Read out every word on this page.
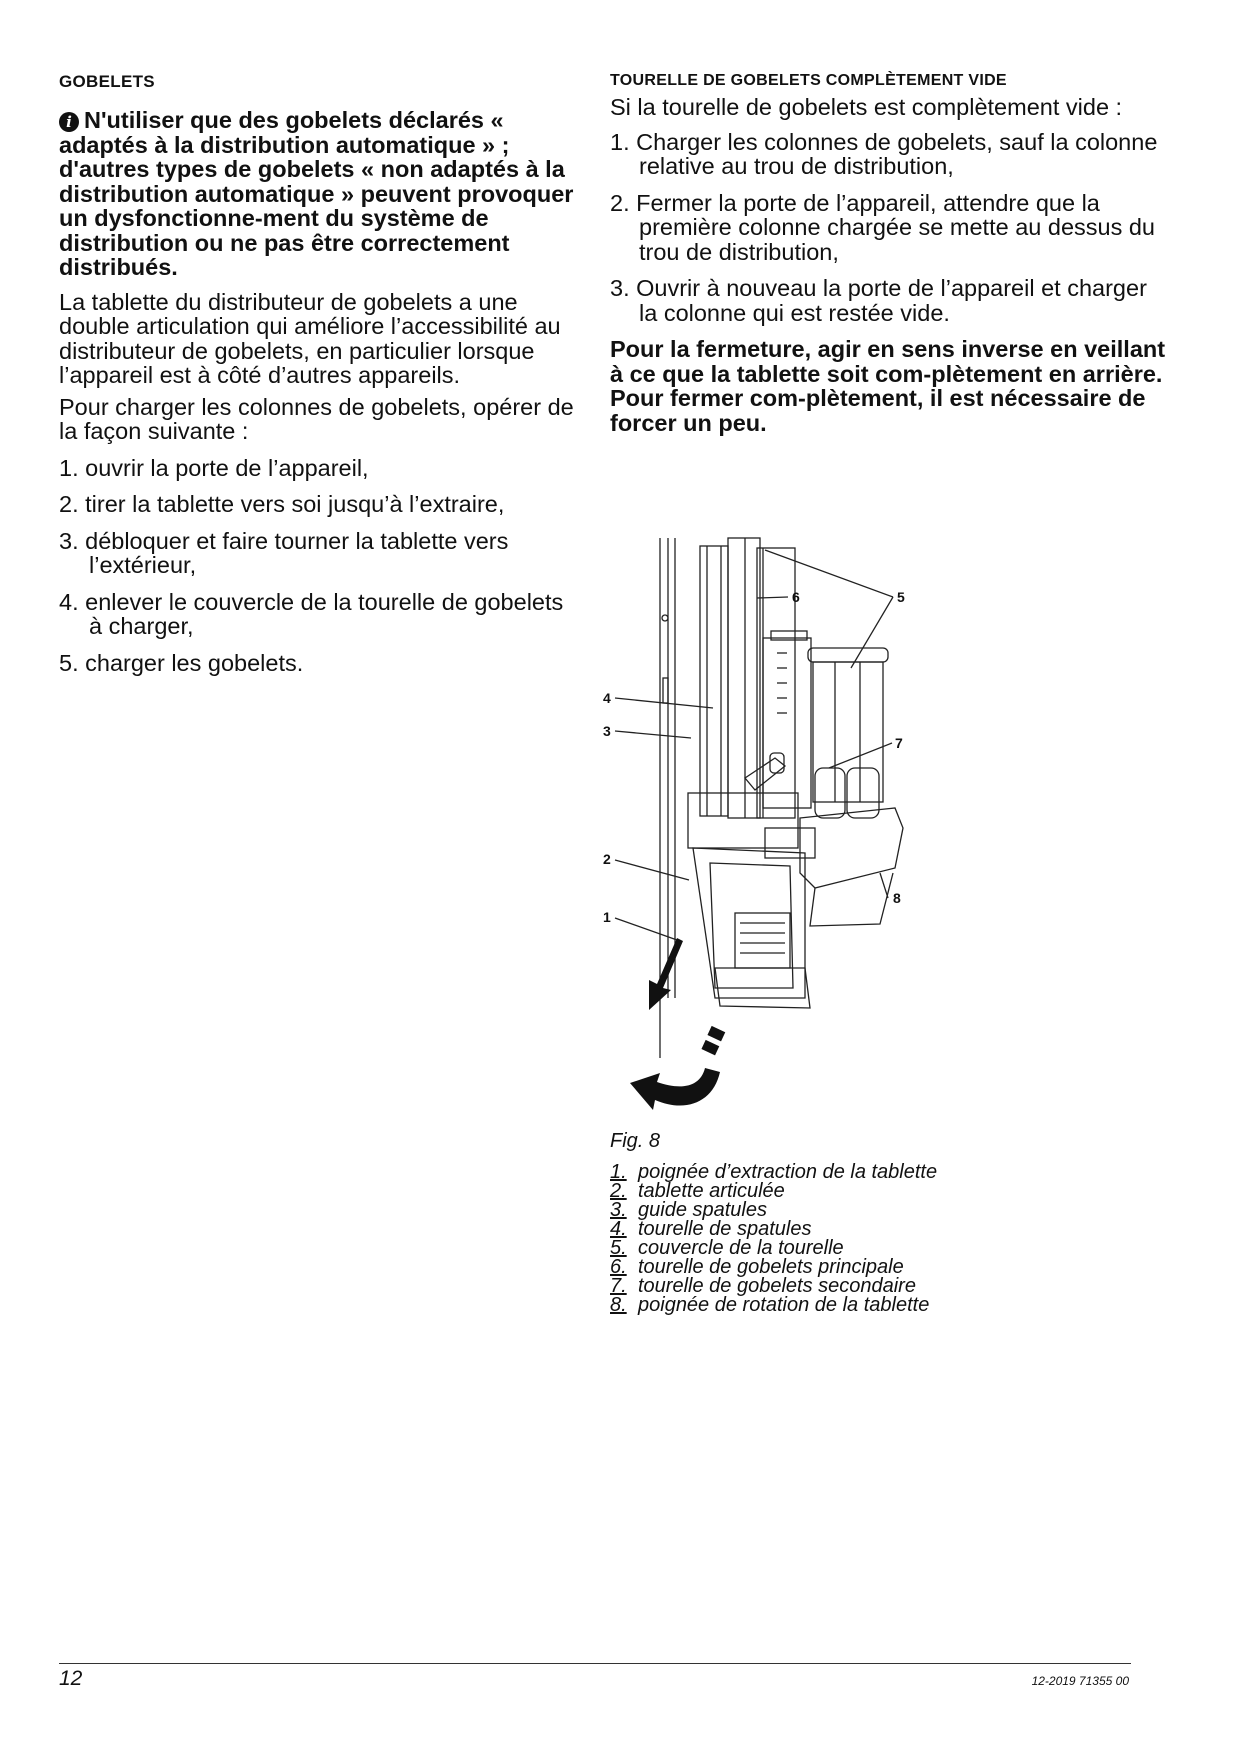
GOBELETS

i N'utiliser que des gobelets déclarés « adaptés à la distribution automatique » ; d'autres types de gobelets « non adaptés à la distribution automatique » peuvent provoquer un dysfonctionne-ment du système de distribution ou ne pas être correctement distribués.

La tablette du distributeur de gobelets a une double articulation qui améliore l’accessibilité au distributeur de gobelets, en particulier lorsque l’appareil est à côté d’autres appareils.

Pour charger les colonnes de gobelets, opérer de la façon suivante :

1. ouvrir la porte de l’appareil,
2. tirer la tablette vers soi jusqu’à l’extraire,
3. débloquer et faire tourner la tablette vers l’extérieur,
4. enlever le couvercle de la tourelle de gobelets à charger,
5. charger les gobelets.
TOURELLE DE GOBELETS COMPLÈTEMENT VIDE

Si la tourelle de gobelets est complètement vide :

1. Charger les colonnes de gobelets, sauf la colonne relative au trou de distribution,
2. Fermer la porte de l’appareil, attendre que la première colonne chargée se mette au dessus du trou de distribution,
3. Ouvrir à nouveau la porte de l’appareil et charger la colonne qui est restée vide.

Pour la fermeture, agir en sens inverse en veillant à ce que la tablette soit com-plètement en arrière. Pour fermer com-plètement, il est nécessaire de forcer un peu.

1
2
3
4
5
6
7
8
Fig. 8
1. poignée d’extraction de la tablette
2. tablette articulée
3. guide spatules
4. tourelle de spatules
5. couvercle de la tourelle
6. tourelle de gobelets principale
7. tourelle de gobelets secondaire
8. poignée de rotation de la tablette
12	12-2019 71355 00
